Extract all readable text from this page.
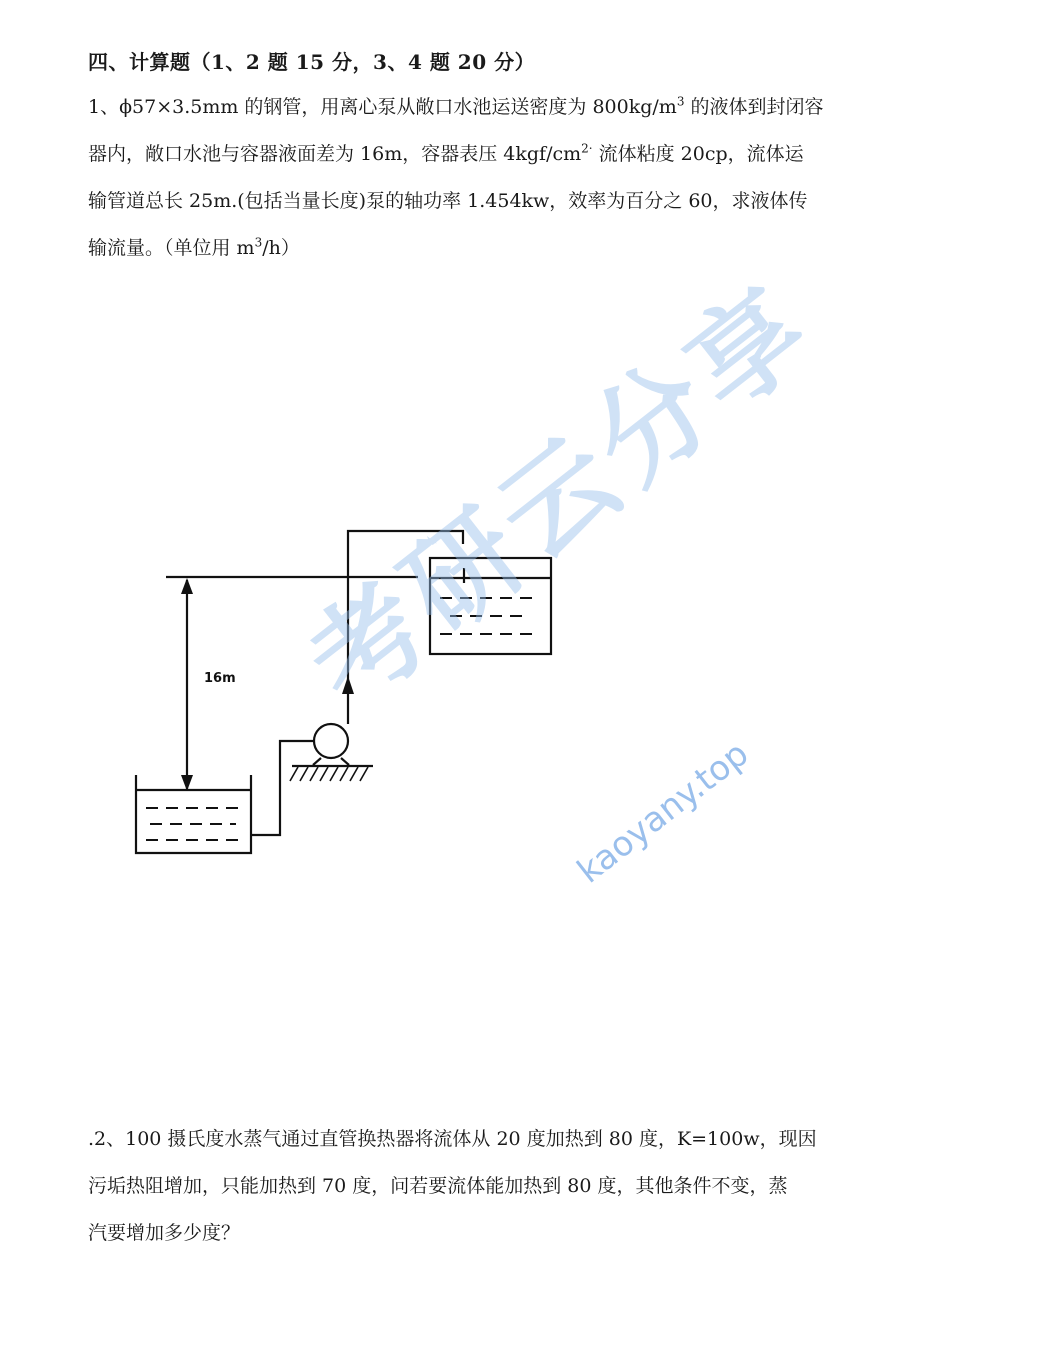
四、计算题（1、2 题 15 分，3、4 题 20 分）
1、ϕ57×3.5mm 的钢管，用离心泵从敞口水池运送密度为 $800kg/m^3$ 的液体到封闭容
器内，敞口水池与容器液面差为 16m，容器表压 $4kgf/cm^{2\cdot}$ 流体粘度 20cp，流体运
输管道总长 25m.(包括当量长度)泵的轴功率 1.454kw，效率为百分之 60，求液体传
输流量。（单位用 $m^3/h$）
16m
.2、100 摄氏度水蒸气通过直管换热器将流体从 20 度加热到 80 度，K=100w，现因
污垢热阻增加，只能加热到 70 度，问若要流体能加热到 80 度，其他条件不变，蒸
汽要增加多少度？
考研云分享
kaoyany.top
